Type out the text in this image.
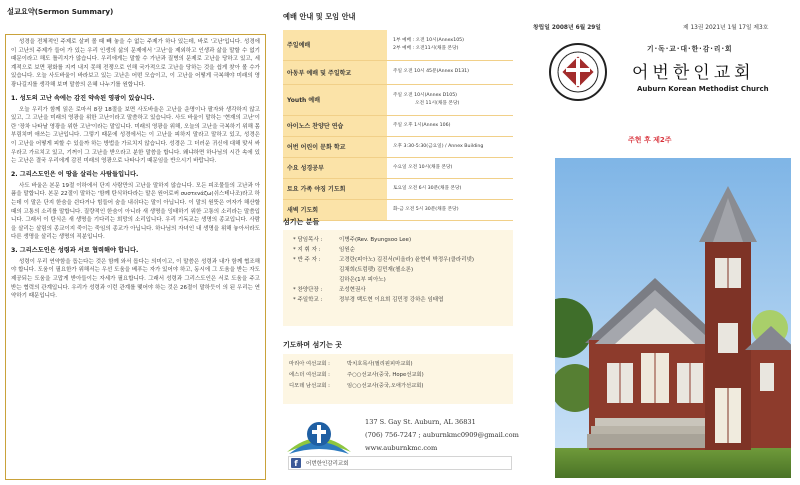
설교요약(Sermon Summary)

성경을 전체적인 주제로 살펴 볼 때 빼 놓을 수 없는 주제가 하나 있는데, 바로 '고난'입니다. 성경에 이 고난의 주제가 들어 가 있는 우리 인생의 삶의 문제에서 '고난'을 제외하고 인생과 삶을 말할 수 없기 때문이라고 해도 틀리지가 않습니다. 우리에게는 말할 수 가난과 질병의 문제로 고난을 당하고 있고, 세계적으로 보면 평화를 지켜 내지 못해 전쟁으로 인해 국가적으로 고난을 당하는 것을 쉽게 찾아 볼 수가 있습니다. 오늘 사도바울이 바라보고 있는 고난은 어떤 모습이고, 이 고난을 어떻게 극복해야 미래의 영광나길지를 생각해 보며 말씀의 은혜 나누기를 원합니다.

1. 성도의 고난 속에는 감진 약속된 영광이 있습니다.

오늘 우리가 함께 읽은 로마서 8장 18절을 보면 사도바울은 고난을 운명이나 팔자와 생각하지 않고 있고, 그 고난을 미래의 영광을 위한 고난이라고 말씀하고 있습니다. 사도 바울이 말하는 '현재의 고난'이란 '장차 나타날 영광을 위한 고난'이라는 말입니다. 미래의 영광을 위해, 오늘의 고난을 극복하기 위해 몸부림치며 애쓰는 고난입니다. 그렇기 때문에 성경에서는 이 고난을 피하지 말라고 말하고 있고, 성경은 이 고난을 어떻게 피할 수 있을까 하는 방법을 가르치지 않습니다. 성경은 그 더러운 귀신에 대해 맞서 싸우라고 가르치고 있고, 기꺼이 그 고난을 받으라고 분한 말씀을 합니다. 왜냐하면 하나님의 시간 속에 있는 고난은 결국 우리에게 감진 미래의 영광으로 나타나기 때문임을 반으시기 바랍니다.

2. 그리스도인은 이 땅을 살리는 사람들입니다.

사도 바울은 본문 19절 이하에서 단지 사람만의 고난을 말하지 않습니다. 모든 피조물들의 고난과 아픔을 말합니다. 본문 22절이 말하는 '함께 탄식하다라는 말은 원어로써 συστενάζω(쉬스테나조)라고 하는데 이 말은 단지 한숨을 쉰다거나 힘들어 숨을 내쉬다는 말이 아닙니다. 이 말의 원뜻은 여자가 해산할 때의 고통의 소리를 말합니다. 질량적인 한숨이 아니라 새 생명을 잉태하기 위한 고통의 소리라는 말씀입니다. 그래서 이 탄식은 새 생명을 기다리는 희망의 소리입니다. 우리 기독교는 생명의 종교입니다. 사람을 살리는 살림의 종교이지 죽이는 죽임의 종교가 아닙니다. 하나님의 자녀인 내 생명을 위해 놓아서라도 다른 생명을 살리는 생명의 직분입니다.

3. 그리스도인은 성령과 서로 협력해야 합니다.

성령이 우리 연약함을 돕는다는 것은 함께 와서 돕다는 의미이고, 이 말씀은 성령과 내가 함께 협조해야 합니다. 도움이 필요한가 위해서는 우선 도움을 베푸는 자가 있어야 하고, 동시에 그 도움을 받는 자도 제공되는 도움을 고맙게 받아들이는 자세가 필요합니다. 그래서 성령과 그리스도인은 서로 도움을 주고 받는 협력의 관계입니다. 우리가 성령과 이런 관계를 맺어야 하는 것은 26절이 말하듯이 의 된 우리는 연약하기 때문입니다.

예배 안내 및 모임 안내
주일예배	1부 예배 : 오전 10시(Annex105)
2부 예배 : 오전11시(채플 본당)

아동부 예배 및 주일학교	주일 오전 10시 45분(Annex D131)
Youth 예배	주일 오전 10시(Annex D105)
오전 11시(채플 본당)

아이노스 찬양단 연습	주일 오후 1시(Annex 106)
어번 어린이 문화 학교	오후 3:30-5:30(금요일) / Annex Building
수요 성경공부	수요일 오전 10시(채플 본당)
토요 가족 야징 기도회	토요일 오전 6시 30분(채플 본당)
새벽 기도회	화-금 오전 5시 30분(채플 본당)
섬기는 분들
* 담임목사 :	이병주(Rev. Byungsoo Lee)
* 지 휘 자 :	임원순
* 반 주 자 :	고경란(피아노) 김진서(비올라) 윤현비 박정우(클라리넷)
김채희(트럼펫) 김민재(첼소론)
김하은(1부 피아노)
* 찬양단장 :	조성현권사
* 주일학교 :	정부경 백도현 이요희 김민정 강하은 임태엽
기도하며 섬기는 곳
마리아 여선교회 :	박치호목사(필리핀피마교회)
에스더 여선교회 :	주○○선교사(중국, Hope선교회)
디모데 남선교회 :	임○○선교사(중국,오애가선교회)
137 S. Gay St. Auburn, AL 36831
(706) 756-7247 ; auburnkmc0909@gmail.com
www.auburnkmc.com
f	어번한인감리교회
창립일 2008년 6월 29일	제 13권 2021년 1월 17일 제3호
기·독·교·대·한·감·리·회
어번한인교회
Auburn Korean Methodist Church
주현 후 제2주
